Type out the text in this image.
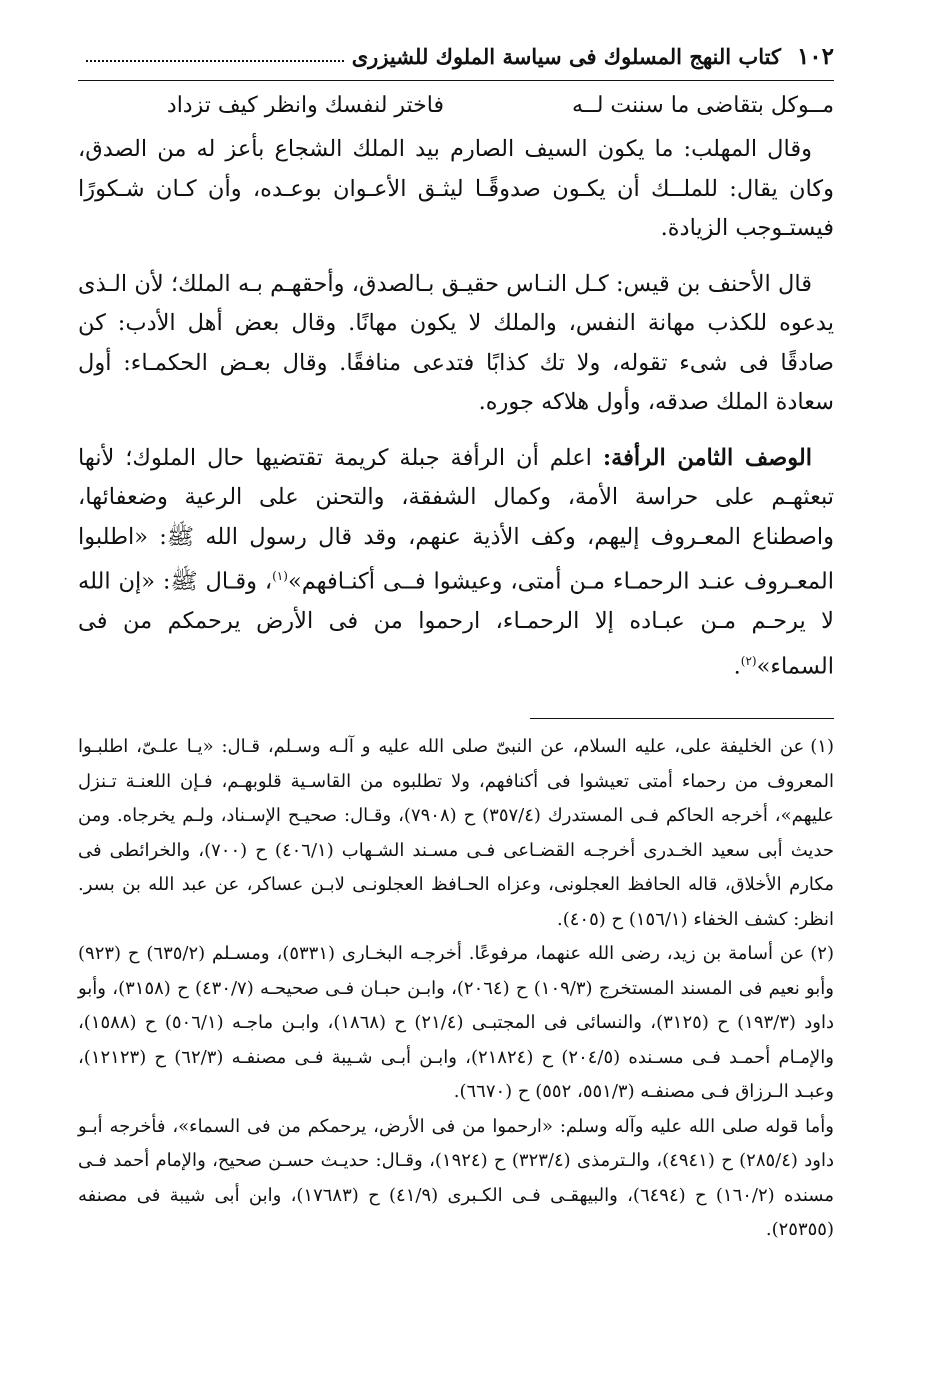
١٠٢
كتاب النهج المسلوك فى سياسة الملوك للشيزرى
مــوكل بتقاضى ما سننت لــه
فاختر لنفسك وانظر كيف تزداد

وقال المهلب: ما يكون السيف الصارم بيد الملك الشجاع بأعز له من الصدق، وكان يقال: للملــك أن يكـون صدوقًـا ليثـق الأعـوان بوعـده، وأن كـان شـكورًا فيستـوجب الزيادة.

قال الأحنف بن قيس: كـل النـاس حقيـق بـالصدق، وأحقهـم بـه الملك؛ لأن الـذى يدعوه للكذب مهانة النفس، والملك لا يكون مهانًا. وقال بعض أهل الأدب: كن صادقًا فى شىء تقوله، ولا تك كذابًا فتدعى منافقًا. وقال بعـض الحكمـاء: أول سعادة الملك صدقه، وأول هلاكه جوره.

الوصف الثامن الرأفة: اعلم أن الرأفة جبلة كريمة تقتضيها حال الملوك؛ لأنها تبعثهـم على حراسة الأمة، وكمال الشفقة، والتحنن على الرعية وضعفائها، واصطناع المعـروف إليهم، وكف الأذية عنهم، وقد قال رسول الله ﷺ: «اطلبوا المعـروف عنـد الرحمـاء مـن أمتى، وعيشوا فــى أكنـافهم»$^{(١)}$، وقـال ﷺ: «إن الله لا يرحـم مـن عبـاده إلا الرحمـاء، ارحموا من فى الأرض يرحمكم من فى السماء»$^{(٢)}$.

(١)عن الخليفة على، عليه السلام، عن النبىّ صلى الله عليه و آلـه وسـلم، قـال: «يـا علـىّ، اطلبـوا المعروف من رحماء أمتى تعيشوا فى أكنافهم، ولا تطلبوه من القاسـية قلوبهـم، فـإن اللعنـة تـنزل عليهم»، أخرجه الحاكم فـى المستدرك (٣٥٧/٤) ح (٧٩٠٨)، وقـال: صحيـح الإسـناد، ولـم يخرجاه. ومن حديث أبى سعيد الخـدرى أخرجـه القضـاعى فـى مسـند الشـهاب (٤٠٦/١) ح (٧٠٠)، والخرائطى فى مكارم الأخلاق، قاله الحافظ العجلونى، وعزاه الحـافظ العجلونـى لابـن عساكر، عن عبد الله بن بسر. انظر: كشف الخفاء (١٥٦/١) ح (٤٠٥).

(٢)عن أسامة بن زيد، رضى الله عنهما، مرفوعًا. أخرجـه البخـارى (٥٣٣١)، ومسـلم (٦٣٥/٢) ح (٩٢٣) وأبو نعيم فى المسند المستخرج (١٠٩/٣) ح (٢٠٦٤)، وابـن حبـان فـى صحيحـه (٤٣٠/٧) ح (٣١٥٨)، وأبو داود (١٩٣/٣) ح (٣١٢٥)، والنسائى فى المجتبـى (٢١/٤) ح (١٨٦٨)، وابـن ماجـه (٥٠٦/١) ح (١٥٨٨)، والإمـام أحمـد فـى مسـنده (٢٠٤/٥) ح (٢١٨٢٤)، وابـن أبـى شـيبة فـى مصنفـه (٦٢/٣) ح (١٢١٢٣)، وعبـد الـرزاق فـى مصنفـه (٥٥١/٣، ٥٥٢) ح (٦٦٧٠).

وأما قوله صلى الله عليه وآله وسلم: «ارحموا من فى الأرض، يرحمكم من فى السماء»، فأخرجه أبـو داود (٢٨٥/٤) ح (٤٩٤١)، والـترمذى (٣٢٣/٤) ح (١٩٢٤)، وقـال: حديـث حسـن صحيح، والإمام أحمد فـى مسنده (١٦٠/٢) ح (٦٤٩٤)، والبيهقـى فـى الكـبرى (٤١/٩) ح (١٧٦٨٣)، وابن أبى شيبة فى مصنفه (٢٥٣٥٥).
